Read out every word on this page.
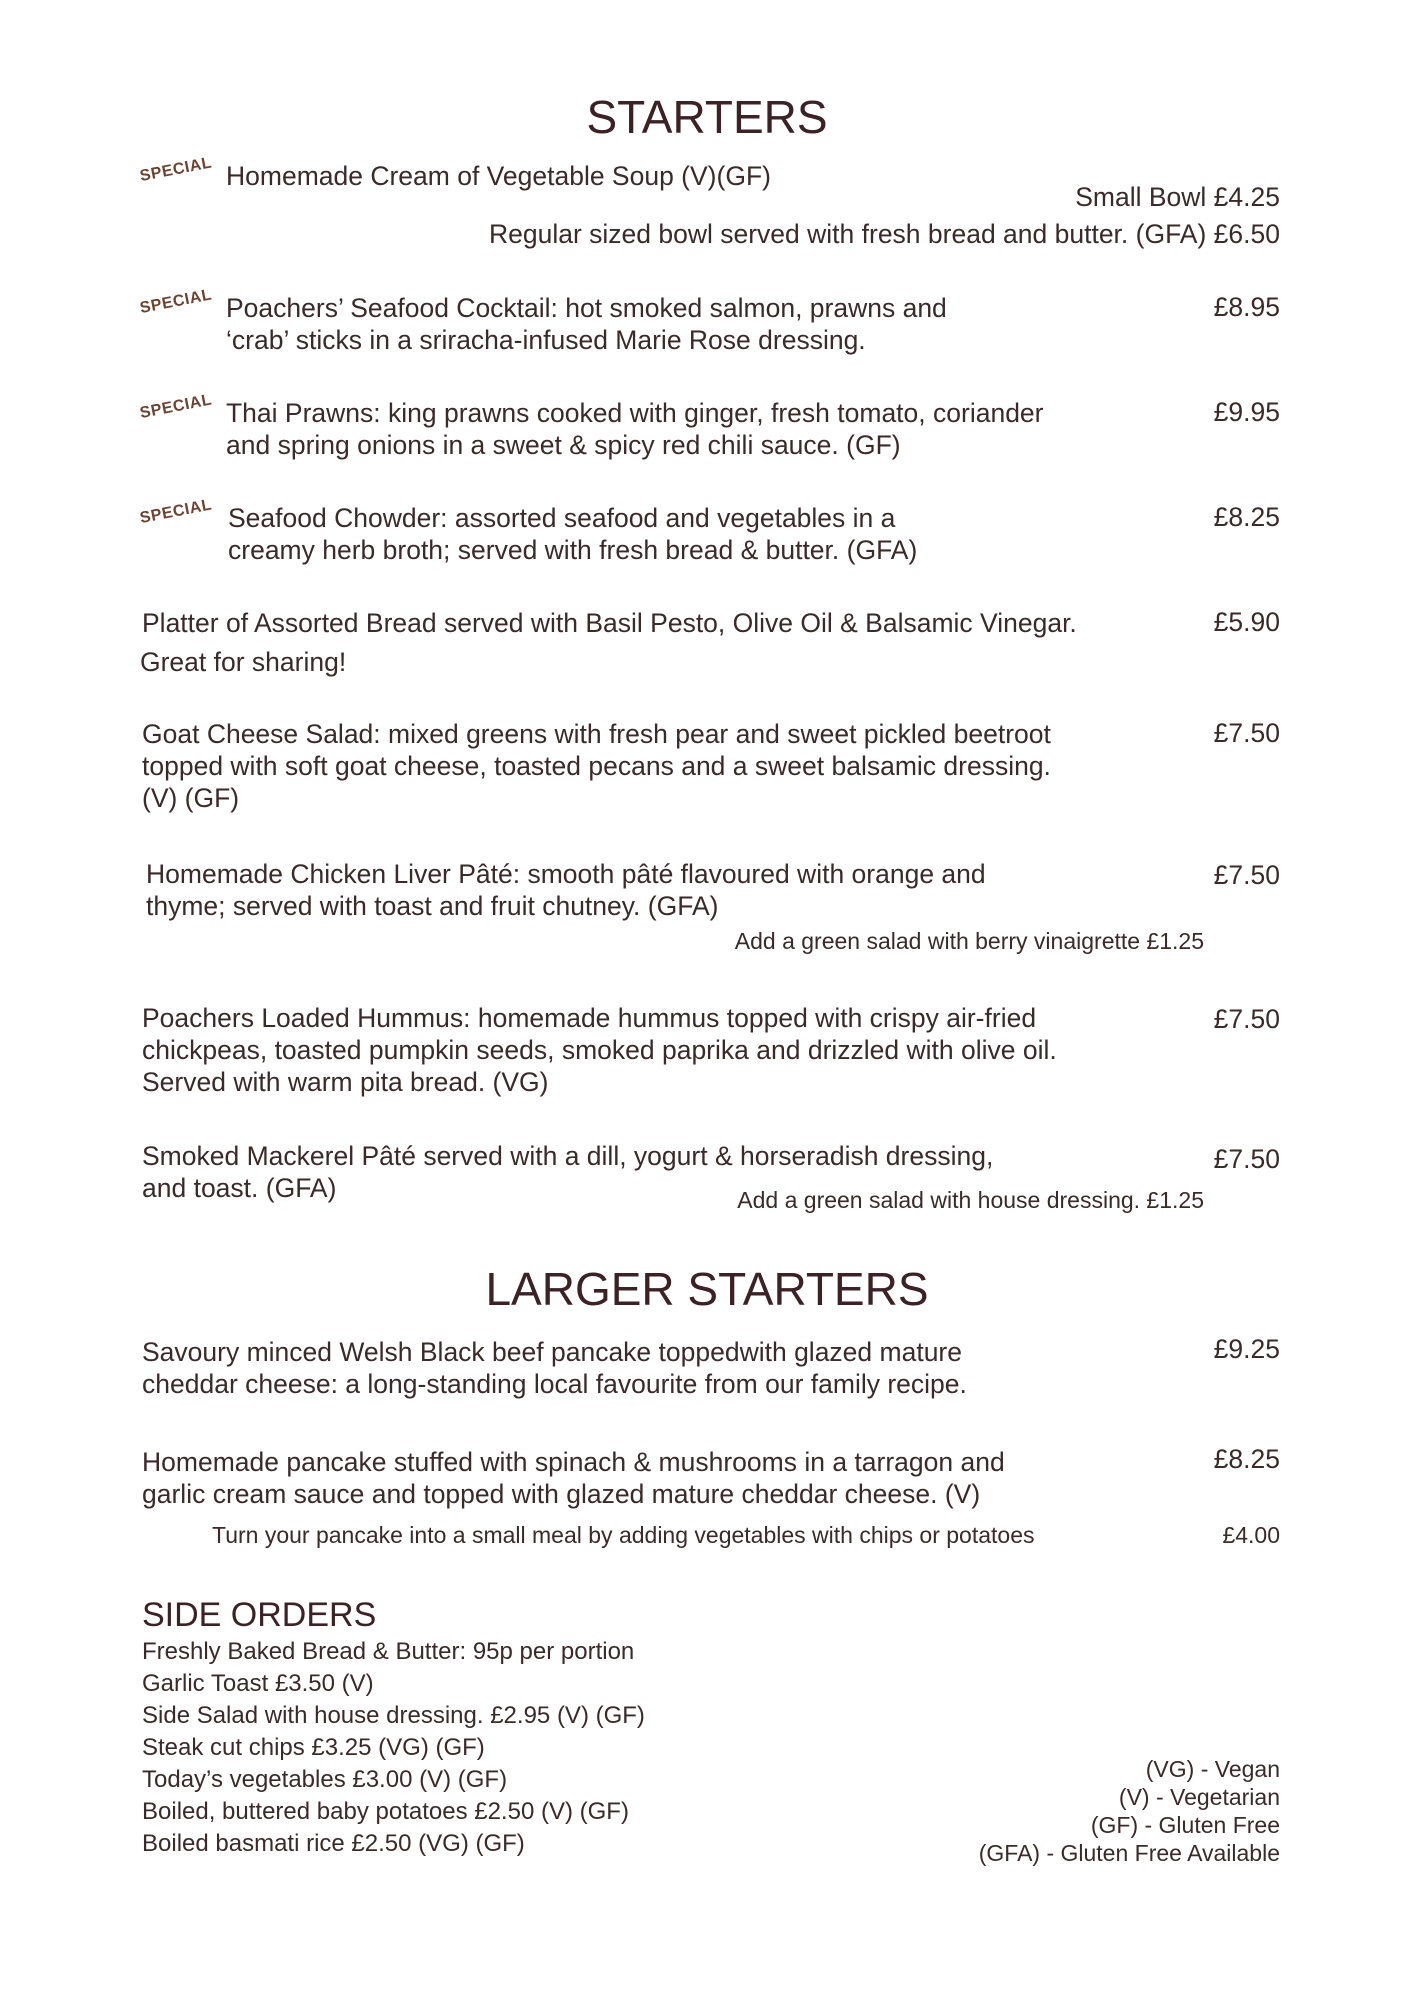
STARTERS
SPECIAL Homemade Cream of Vegetable Soup (V)(GF)
Small Bowl £4.25
Regular sized bowl served with fresh bread and butter. (GFA) £6.50
SPECIAL Poachers’ Seafood Cocktail: hot smoked salmon, prawns and
‘crab’ sticks in a sriracha-infused Marie Rose dressing.
£8.95
SPECIAL Thai Prawns: king prawns cooked with ginger, fresh tomato, coriander
and spring onions in a sweet & spicy red chili sauce. (GF)
£9.95
SPECIAL Seafood Chowder: assorted seafood and vegetables in a
creamy herb broth; served with fresh bread & butter. (GFA)
£8.25
Platter of Assorted Bread served with Basil Pesto, Olive Oil & Balsamic Vinegar.
Great for sharing!
£5.90
Goat Cheese Salad: mixed greens with fresh pear and sweet pickled beetroot
topped with soft goat cheese, toasted pecans and a sweet balsamic dressing.
(V) (GF)
£7.50
Homemade Chicken Liver Pâté: smooth pâté flavoured with orange and
thyme; served with toast and fruit chutney. (GFA)
£7.50
Add a green salad with berry vinaigrette £1.25
Poachers Loaded Hummus: homemade hummus topped with crispy air-fried
chickpeas, toasted pumpkin seeds, smoked paprika and drizzled with olive oil.
Served with warm pita bread. (VG)
£7.50
Smoked Mackerel Pâté served with a dill, yogurt & horseradish dressing,
and toast. (GFA)
£7.50
Add a green salad with house dressing. £1.25
LARGER STARTERS
Savoury minced Welsh Black beef pancake toppedwith glazed mature
cheddar cheese: a long-standing local favourite from our family recipe.
£9.25
Homemade pancake stuffed with spinach & mushrooms in a tarragon and
garlic cream sauce and topped with glazed mature cheddar cheese. (V)
£8.25
Turn your pancake into a small meal by adding vegetables with chips or potatoes	£4.00
SIDE ORDERS
Freshly Baked Bread & Butter: 95p per portion
Garlic Toast £3.50 (V)
Side Salad with house dressing. £2.95 (V) (GF)
Steak cut chips £3.25 (VG) (GF)
Today’s vegetables £3.00 (V) (GF)
Boiled, buttered baby potatoes £2.50 (V) (GF)
Boiled basmati rice £2.50 (VG) (GF)
(VG) - Vegan
(V) - Vegetarian
(GF) - Gluten Free
(GFA) - Gluten Free Available
